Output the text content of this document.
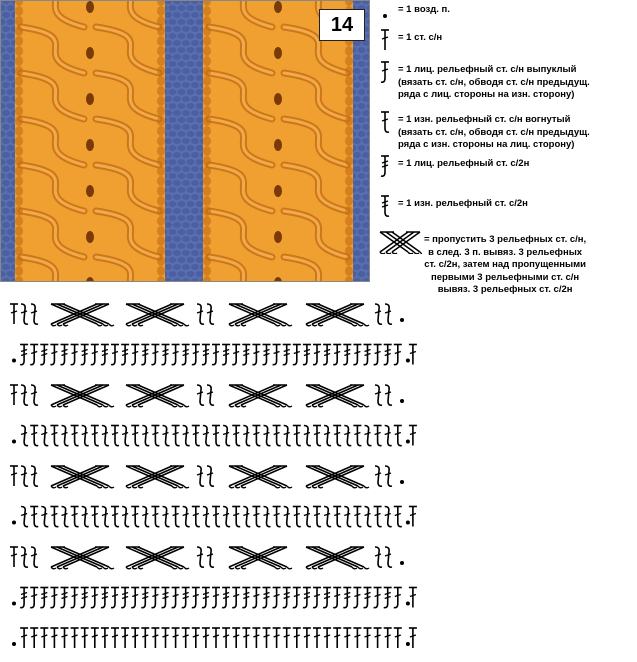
14
= 1 возд. п.
= 1 ст. с/н
= 1 лиц. рельефный ст. с/н выпуклый
(вязать ст. с/н, обводя ст. с/н предыдущ.
ряда с лиц. стороны на изн. сторону)
= 1 изн. рельефный ст. с/н вогнутый
(вязать ст. с/н, обводя ст. с/н предыдущ.
ряда с изн. стороны на лиц. сторону)
= 1 лиц. рельефный ст. с/2н
= 1 изн. рельефный ст. с/2н
= пропустить 3 рельефных ст. с/н,
в след. 3 п. вывяз. 3 рельефных
ст. с/2н, затем над пропущенными
первыми 3 рельефными ст. с/н
вывяз. 3 рельефных ст. с/2н
